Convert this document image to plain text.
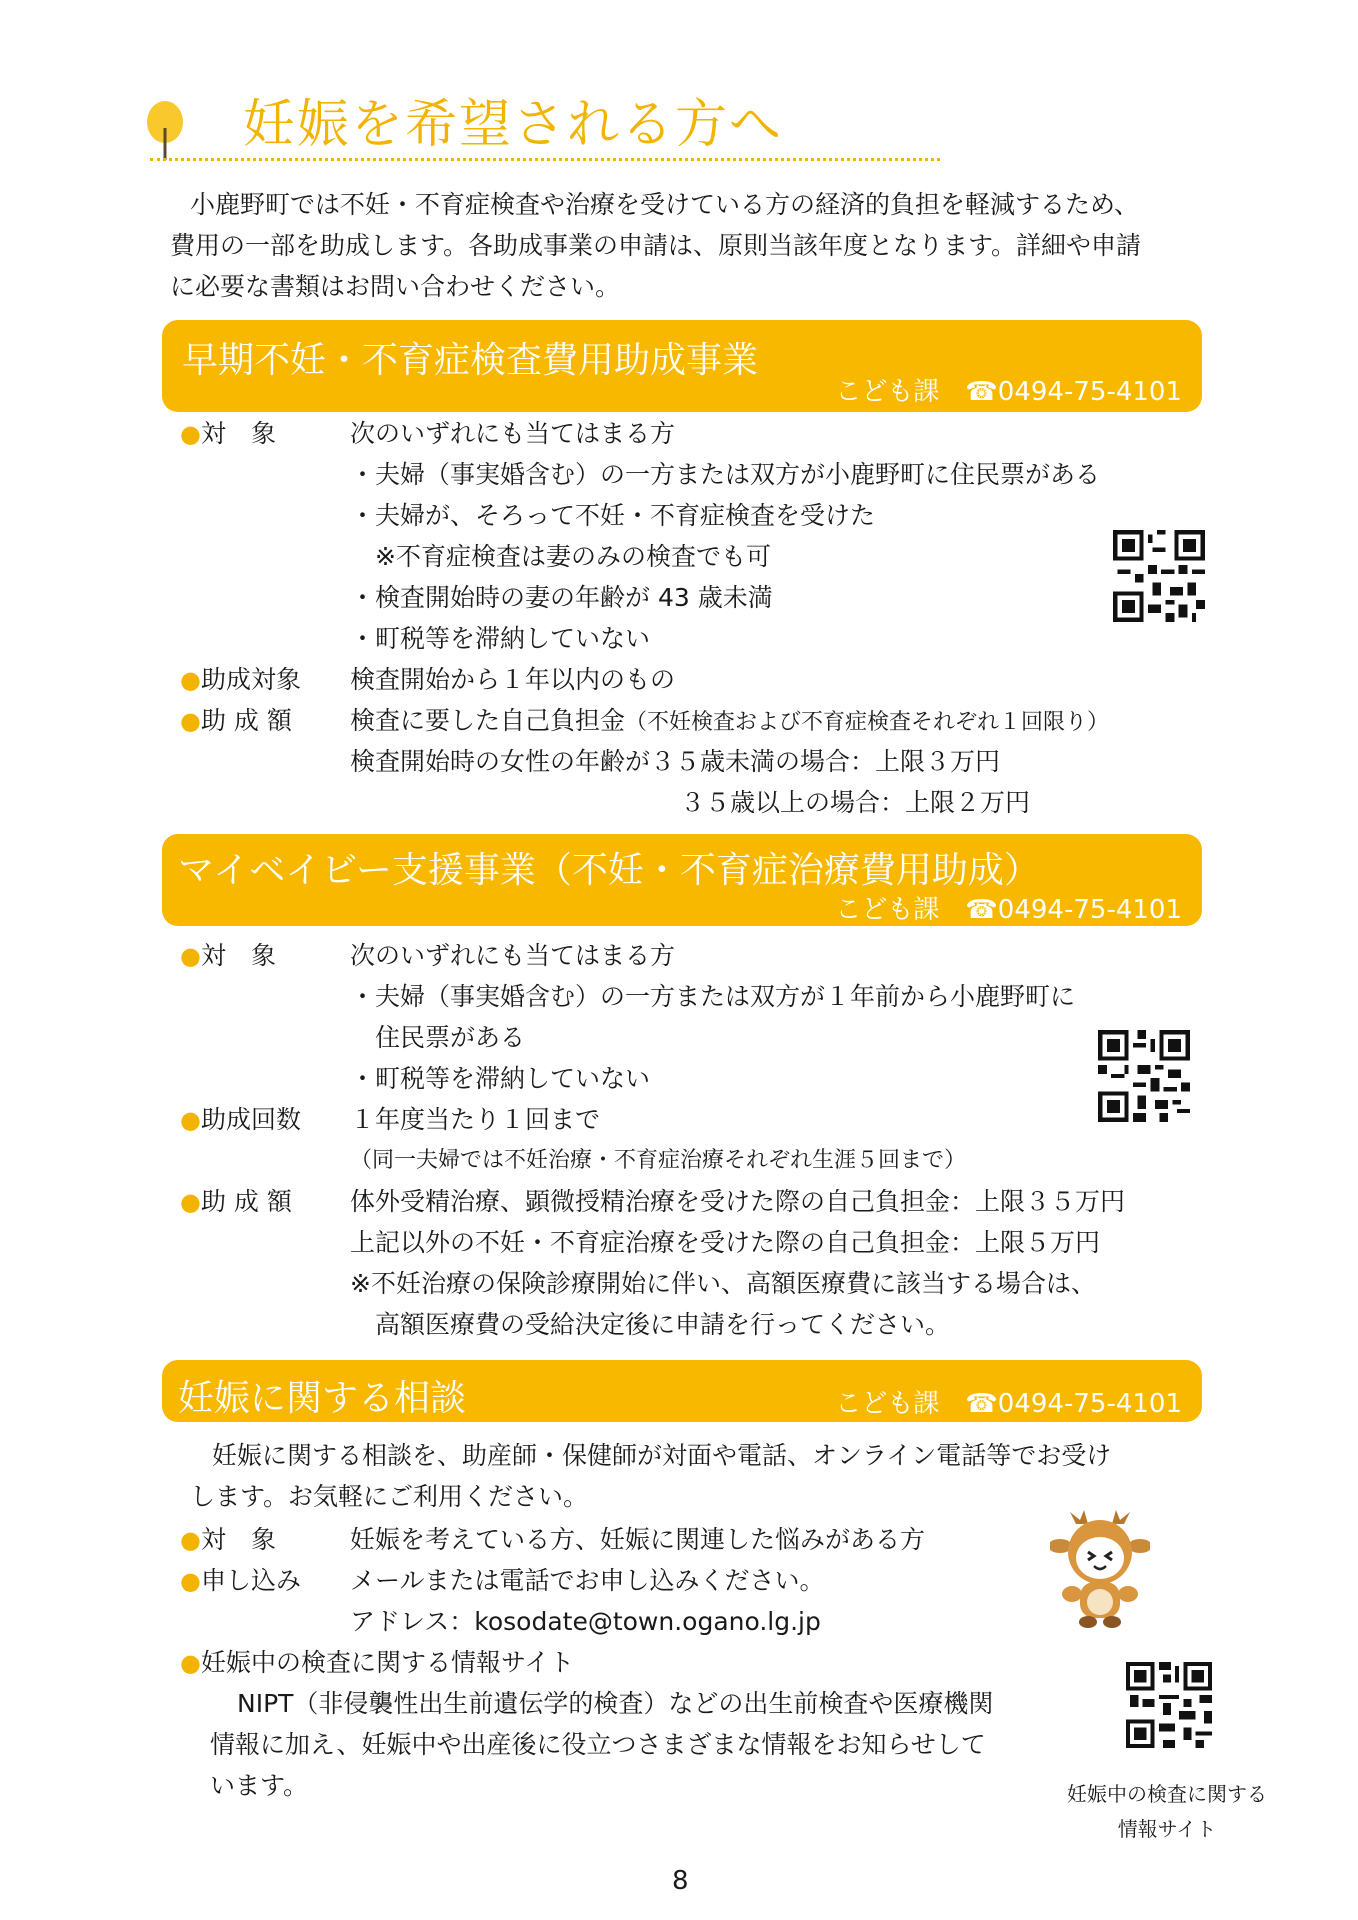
妊娠を希望される方へ

小鹿野町では不妊・不育症検査や治療を受けている方の経済的負担を軽減するため、

費用の一部を助成します。各助成事業の申請は、原則当該年度となります。詳細や申請

に必要な書類はお問い合わせください。

早期不妊・不育症検査費用助成事業
こども課　☎0494-75-4101
●対　象	次のいずれにも当てはまる方
・夫婦（事実婚含む）の一方または双方が小鹿野町に住民票がある
・夫婦が、そろって不妊・不育症検査を受けた
　※不育症検査は妻のみの検査でも可
・検査開始時の妻の年齢が 43 歳未満
・町税等を滞納していない
●助成対象 検査開始から１年以内のもの
●助 成 額 検査に要した自己負担金（不妊検査および不育症検査それぞれ１回限り）
検査開始時の女性の年齢が３５歳未満の場合：上限３万円
３５歳以上の場合：上限２万円
マイベイビー支援事業（不妊・不育症治療費用助成）
こども課　☎0494-75-4101
●対　象	次のいずれにも当てはまる方
・夫婦（事実婚含む）の一方または双方が１年前から小鹿野町に
　住民票がある
・町税等を滞納していない
●助成回数 １年度当たり１回まで
（同一夫婦では不妊治療・不育症治療それぞれ生涯５回まで）
●助 成 額 体外受精治療、顕微授精治療を受けた際の自己負担金：上限３５万円
上記以外の不妊・不育症治療を受けた際の自己負担金：上限５万円
※不妊治療の保険診療開始に伴い、高額医療費に該当する場合は、
　高額医療費の受給決定後に申請を行ってください。
妊娠に関する相談	こども課　☎0494-75-4101
妊娠に関する相談を、助産師・保健師が対面や電話、オンライン電話等でお受け
します。お気軽にご利用ください。
●対　象	妊娠を考えている方、妊娠に関連した悩みがある方
●申し込み メールまたは電話でお申し込みください。
アドレス：kosodate@town.ogano.lg.jp
●妊娠中の検査に関する情報サイト
NIPT（非侵襲性出生前遺伝学的検査）などの出生前検査や医療機関
情報に加え、妊娠中や出産後に役立つさまざまな情報をお知らせして
います。	妊娠中の検査に関する
情報サイト
8
